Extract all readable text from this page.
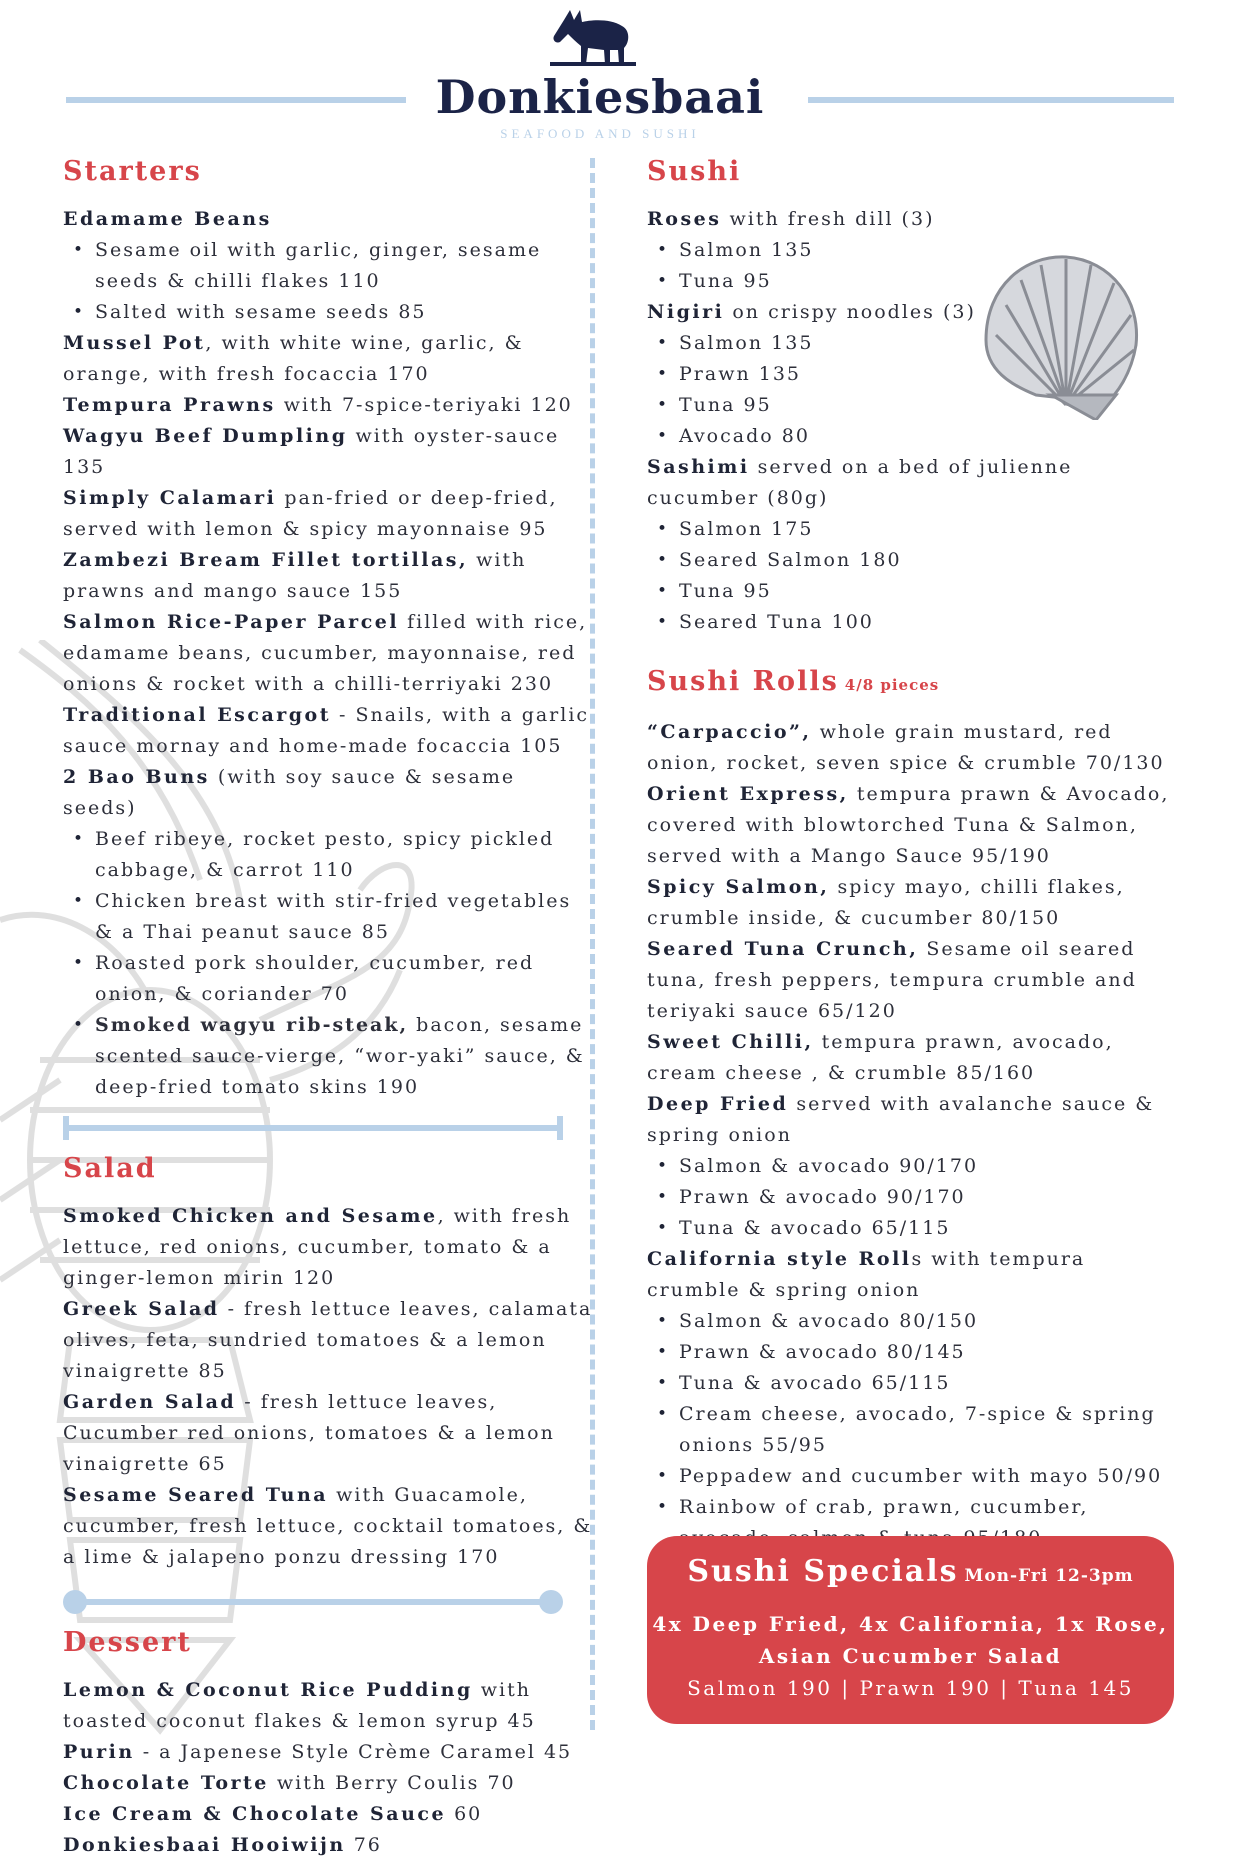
Donkiesbaai
SEAFOOD AND SUSHI
Starters

Edamame Beans

• Sesame oil with garlic, ginger, sesame seeds & chilli flakes 110
• Salted with sesame seeds 85

Mussel Pot, with white wine, garlic, & orange, with fresh focaccia 170

Tempura Prawns with 7-spice-teriyaki 120

Wagyu Beef Dumpling with oyster-sauce 135

Simply Calamari pan-fried or deep-fried, served with lemon & spicy mayonnaise 95

Zambezi Bream Fillet tortillas, with prawns and mango sauce 155

Salmon Rice-Paper Parcel filled with rice, edamame beans, cucumber, mayonnaise, red onions & rocket with a chilli-terriyaki 230

Traditional Escargot - Snails, with a garlic sauce mornay and home-made focaccia 105

2 Bao Buns (with soy sauce & sesame seeds)

• Beef ribeye, rocket pesto, spicy pickled cabbage, & carrot 110
• Chicken breast with stir-fried vegetables & a Thai peanut sauce 85
• Roasted pork shoulder, cucumber, red onion, & coriander 70
• Smoked wagyu rib-steak, bacon, sesame scented sauce-vierge, “wor-yaki” sauce, & deep-fried tomato skins 190
Salad

Smoked Chicken and Sesame, with fresh lettuce, red onions, cucumber, tomato & a ginger-lemon mirin 120

Greek Salad - fresh lettuce leaves, calamata olives, feta, sundried tomatoes & a lemon vinaigrette 85

Garden Salad - fresh lettuce leaves, Cucumber red onions, tomatoes & a lemon vinaigrette 65

Sesame Seared Tuna with Guacamole, cucumber, fresh lettuce, cocktail tomatoes, & a lime & jalapeno ponzu dressing 170

Dessert

Lemon & Coconut Rice Pudding with toasted coconut flakes & lemon syrup 45

Purin - a Japenese Style Crème Caramel 45

Chocolate Torte with Berry Coulis 70

Ice Cream & Chocolate Sauce 60

Donkiesbaai Hooiwijn 76

Sushi

Roses with fresh dill (3)

• Salmon 135
• Tuna 95

Nigiri on crispy noodles (3)

• Salmon 135
• Prawn 135
• Tuna 95
• Avocado 80

Sashimi served on a bed of julienne cucumber (80g)

• Salmon 175
• Seared Salmon 180
• Tuna 95
• Seared Tuna 100
Sushi Rolls 4/8 pieces

“Carpaccio”, whole grain mustard, red onion, rocket, seven spice & crumble 70/130

Orient Express, tempura prawn & Avocado, covered with blowtorched Tuna & Salmon, served with a Mango Sauce 95/190

Spicy Salmon, spicy mayo, chilli flakes, crumble inside, & cucumber 80/150

Seared Tuna Crunch, Sesame oil seared tuna, fresh peppers, tempura crumble and teriyaki sauce 65/120

Sweet Chilli, tempura prawn, avocado, cream cheese , & crumble 85/160

Deep Fried served with avalanche sauce & spring onion

• Salmon & avocado 90/170
• Prawn & avocado 90/170
• Tuna & avocado 65/115

California style Rolls with tempura crumble & spring onion

• Salmon & avocado 80/150
• Prawn & avocado 80/145
• Tuna & avocado 65/115
• Cream cheese, avocado, 7-spice & spring onions 55/95
• Peppadew and cucumber with mayo 50/90
• Rainbow of crab, prawn, cucumber,
Sushi Specials Mon-Fri 12-3pm
4x Deep Fried, 4x California, 1x Rose,
Asian Cucumber Salad
Salmon 190 | Prawn 190 | Tuna 145
